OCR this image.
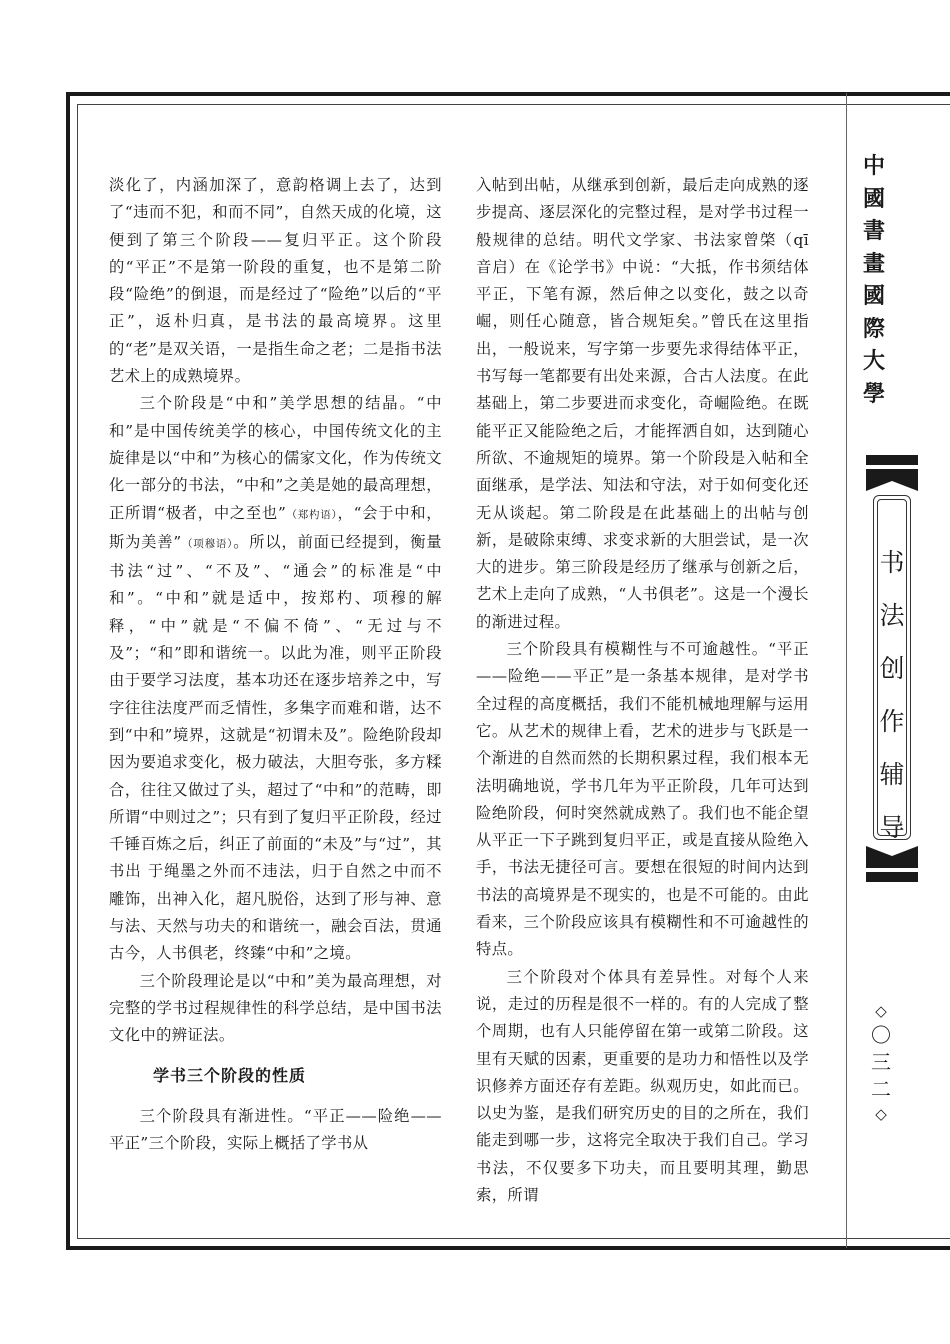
淡化了，内涵加深了，意韵格调上去了，达到了“违而不犯，和而不同”，自然天成的化境，这便到了第三个阶段——复归平正。这个阶段的“平正”不是第一阶段的重复，也不是第二阶段“险绝”的倒退，而是经过了“险绝”以后的“平正”，返朴归真，是书法的最高境界。这里的“老”是双关语，一是指生命之老；二是指书法艺术上的成熟境界。

三个阶段是“中和”美学思想的结晶。“中和”是中国传统美学的核心，中国传统文化的主旋律是以“中和”为核心的儒家文化，作为传统文化一部分的书法，“中和”之美是她的最高理想，正所谓“极者，中之至也”（郑杓语），“会于中和，斯为美善”（项穆语）。所以，前面已经提到，衡量书法“过”、“不及”、“通会”的标准是“中和”。“中和”就是适中，按郑杓、项穆的解释，“中”就是“不偏不倚”、“无过与不及”；“和”即和谐统一。以此为准，则平正阶段由于要学习法度，基本功还在逐步培养之中，写字往往法度严而乏情性，多集字而难和谐，达不到“中和”境界，这就是“初谓未及”。险绝阶段却因为要追求变化，极力破法，大胆夸张，多方糅合，往往又做过了头，超过了“中和”的范畴，即所谓“中则过之”；只有到了复归平正阶段，经过千锤百炼之后，纠正了前面的“未及”与“过”，其书出 于绳墨之外而不违法，归于自然之中而不雕饰，出神入化，超凡脱俗，达到了形与神、意与法、天然与功夫的和谐统一，融会百法，贯通古今，人书俱老，终臻“中和”之境。

三个阶段理论是以“中和”美为最高理想，对完整的学书过程规律性的科学总结，是中国书法文化中的辨证法。

学书三个阶段的性质

三个阶段具有渐进性。“平正——险绝——平正”三个阶段，实际上概括了学书从

入帖到出帖，从继承到创新，最后走向成熟的逐步提高、逐层深化的完整过程，是对学书过程一般规律的总结。明代文学家、书法家曾棨（qī 音启）在《论学书》中说：“大抵，作书须结体平正，下笔有源，然后伸之以变化，鼓之以奇崛，则任心随意，皆合规矩矣。”曾氏在这里指出，一般说来，写字第一步要先求得结体平正，书写每一笔都要有出处来源，合古人法度。在此基础上，第二步要进而求变化，奇崛险绝。在既能平正又能险绝之后，才能挥洒自如，达到随心所欲、不逾规矩的境界。第一个阶段是入帖和全面继承，是学法、知法和守法，对于如何变化还无从谈起。第二阶段是在此基础上的出帖与创新，是破除束缚、求变求新的大胆尝试，是一次大的进步。第三阶段是经历了继承与创新之后，艺术上走向了成熟，“人书俱老”。这是一个漫长的渐进过程。

三个阶段具有模糊性与不可逾越性。“平正——险绝——平正”是一条基本规律，是对学书全过程的高度概括，我们不能机械地理解与运用它。从艺术的规律上看，艺术的进步与飞跃是一个渐进的自然而然的长期积累过程，我们根本无法明确地说，学书几年为平正阶段，几年可达到险绝阶段，何时突然就成熟了。我们也不能企望从平正一下子跳到复归平正，或是直接从险绝入手，书法无捷径可言。要想在很短的时间内达到书法的高境界是不现实的，也是不可能的。由此看来，三个阶段应该具有模糊性和不可逾越性的特点。

三个阶段对个体具有差异性。对每个人来说，走过的历程是很不一样的。有的人完成了整个周期，也有人只能停留在第一或第二阶段。这里有天赋的因素，更重要的是功力和悟性以及学识修养方面还存有差距。纵观历史，如此而已。以史为鉴，是我们研究历史的目的之所在，我们能走到哪一步，这将完全取决于我们自己。学习书法，不仅要多下功夫，而且要明其理，勤思索，所谓

中
國
書
畫
國
際
大
學
书
法
创
作
辅
导
◇
〇
三
二
◇
